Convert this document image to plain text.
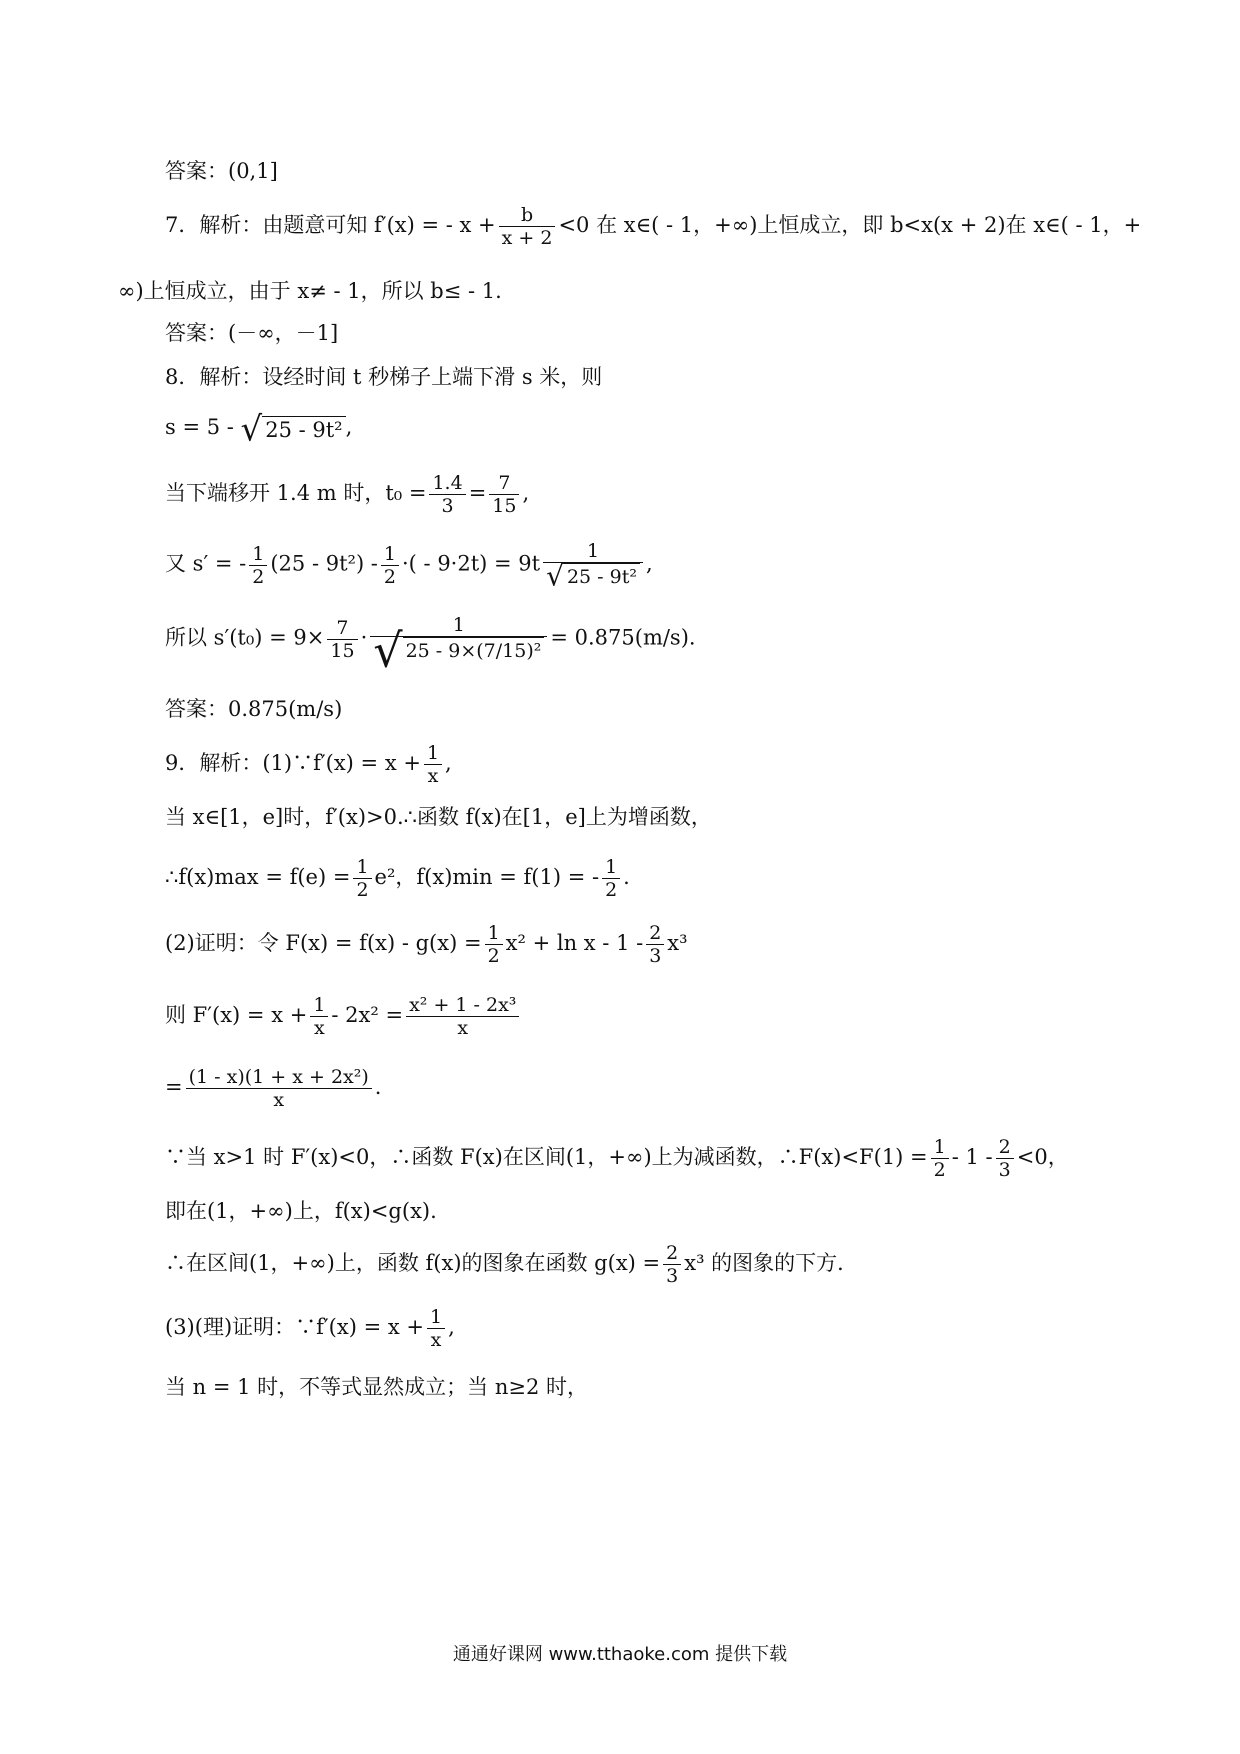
答案：(0,1]
7．解析：由题意可知 f′(x) = - $x + \frac{b}{x + 2} <0$ 在 x∈( - 1，+∞)上恒成立，即 b<x(x + 2)在 x∈( - 1，+
∞)上恒成立，由于 x≠ - 1，所以 b≤ - 1.
答案：(－∞，－1]
8．解析：设经时间 t 秒梯子上端下滑 s 米，则
s = 5 - √ 25 - 9t² ,
当下端移开 1.4 m 时，$t_0 = \frac{1.4}{3} = \frac{7}{15}$ ,
又 s′ = - $\frac{1}{2} (25 - 9t^2) - \frac{1}{2}$ ·( - $9\cdot 2t) = 9t \frac{1}{\text{√ 25 - 9t²}}$ ,
所以 $s'(t_0) = 9\times \frac{7}{15} \cdot \frac{1}{\text{√ 25 - 9×(7/15)²}} = 0.875(m/s)$.
答案：0.875(m/s)
9．解析：(1)∵f′(x) = $x + \frac{1}{x}$ ,
当 x∈[1，e]时，f′(x)>0.∴函数 f(x)在[1，e]上为增函数，
∴f(x)max = $f(e) = \frac{1}{2} e^2$，f(x)min = f(1) = - $\frac{1}{2}$ .
(2)证明：令 $F(x) = f(x) - g(x) = \frac{1}{2} x^2 + \ln x - 1 - \frac{2}{3} x^3$
则 $F'(x) = x + \frac{1}{x} - 2x^2 = \frac{\text{x² + 1 - 2x³}}{x}$
= $\frac{\text{(1 - x)(1 + x + 2x²)}}{x}$ .
∵当 x>1 时 F′(x)<0，∴函数 F(x)在区间(1，+∞)上为减函数，∴F(x)<F(1) = $\frac{1}{2} - 1 - \frac{2}{3} <0$，
即在(1，+∞)上，f(x)<g(x).
∴在区间(1，+∞)上，函数 f(x)的图象在函数 $g(x) = \frac{2}{3} x^3$ 的图象的下方．
(3)(理)证明：∵f′(x) = $x + \frac{1}{x}$ ,
当 n = 1 时，不等式显然成立；当 n≥2 时，
通通好课网 www.tthaoke.com 提供下载
